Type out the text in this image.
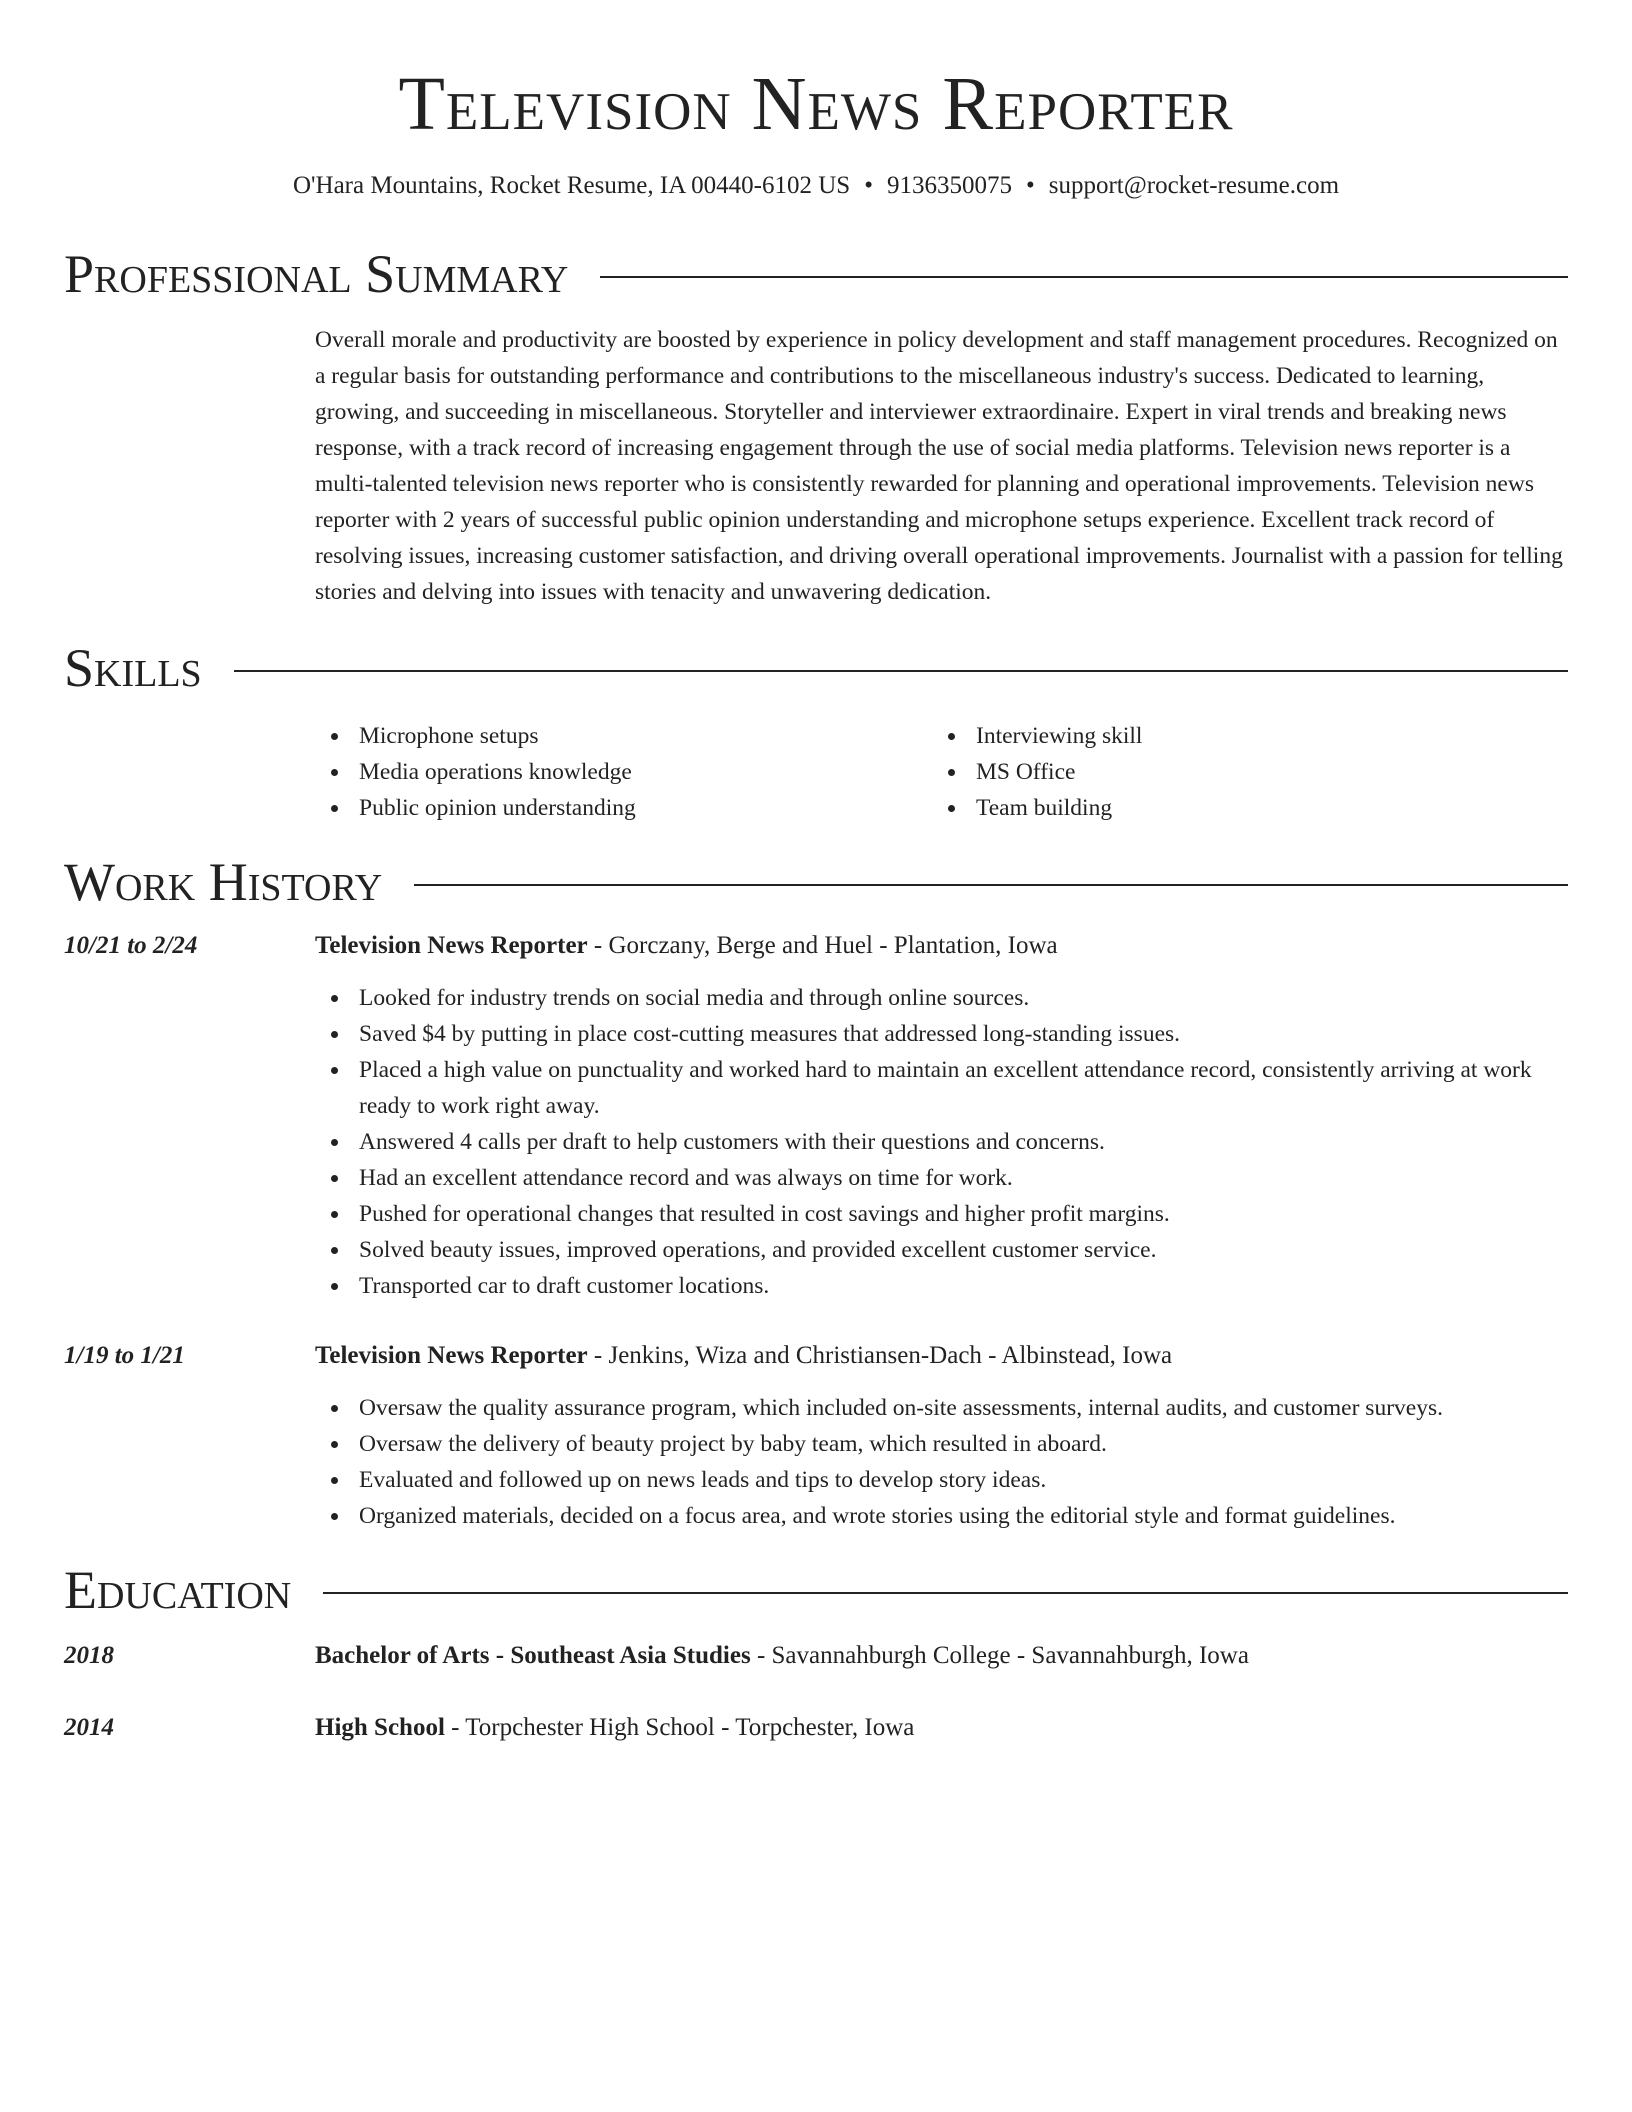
Television News Reporter
O'Hara Mountains, Rocket Resume, IA 00440-6102 US • 9136350075 • support@rocket-resume.com
Professional Summary

Overall morale and productivity are boosted by experience in policy development and staff management procedures. Recognized on a regular basis for outstanding performance and contributions to the miscellaneous industry's success. Dedicated to learning, growing, and succeeding in miscellaneous. Storyteller and interviewer extraordinaire. Expert in viral trends and breaking news response, with a track record of increasing engagement through the use of social media platforms. Television news reporter is a multi-talented television news reporter who is consistently rewarded for planning and operational improvements. Television news reporter with 2 years of successful public opinion understanding and microphone setups experience. Excellent track record of resolving issues, increasing customer satisfaction, and driving overall operational improvements. Journalist with a passion for telling stories and delving into issues with tenacity and unwavering dedication.

Skills
Microphone setups
Media operations knowledge
Public opinion understanding
Interviewing skill
MS Office
Team building
Work History
10/21 to 2/24	Television News Reporter - Gorczany, Berge and Huel - Plantation, Iowa
Looked for industry trends on social media and through online sources.
Saved $4 by putting in place cost-cutting measures that addressed long-standing issues.
Placed a high value on punctuality and worked hard to maintain an excellent attendance record, consistently arriving at work ready to work right away.
Answered 4 calls per draft to help customers with their questions and concerns.
Had an excellent attendance record and was always on time for work.
Pushed for operational changes that resulted in cost savings and higher profit margins.
Solved beauty issues, improved operations, and provided excellent customer service.
Transported car to draft customer locations.
1/19 to 1/21	Television News Reporter - Jenkins, Wiza and Christiansen-Dach - Albinstead, Iowa
Oversaw the quality assurance program, which included on-site assessments, internal audits, and customer surveys.
Oversaw the delivery of beauty project by baby team, which resulted in aboard.
Evaluated and followed up on news leads and tips to develop story ideas.
Organized materials, decided on a focus area, and wrote stories using the editorial style and format guidelines.
Education
2018	Bachelor of Arts - Southeast Asia Studies - Savannahburgh College - Savannahburgh, Iowa
2014	High School - Torpchester High School - Torpchester, Iowa
